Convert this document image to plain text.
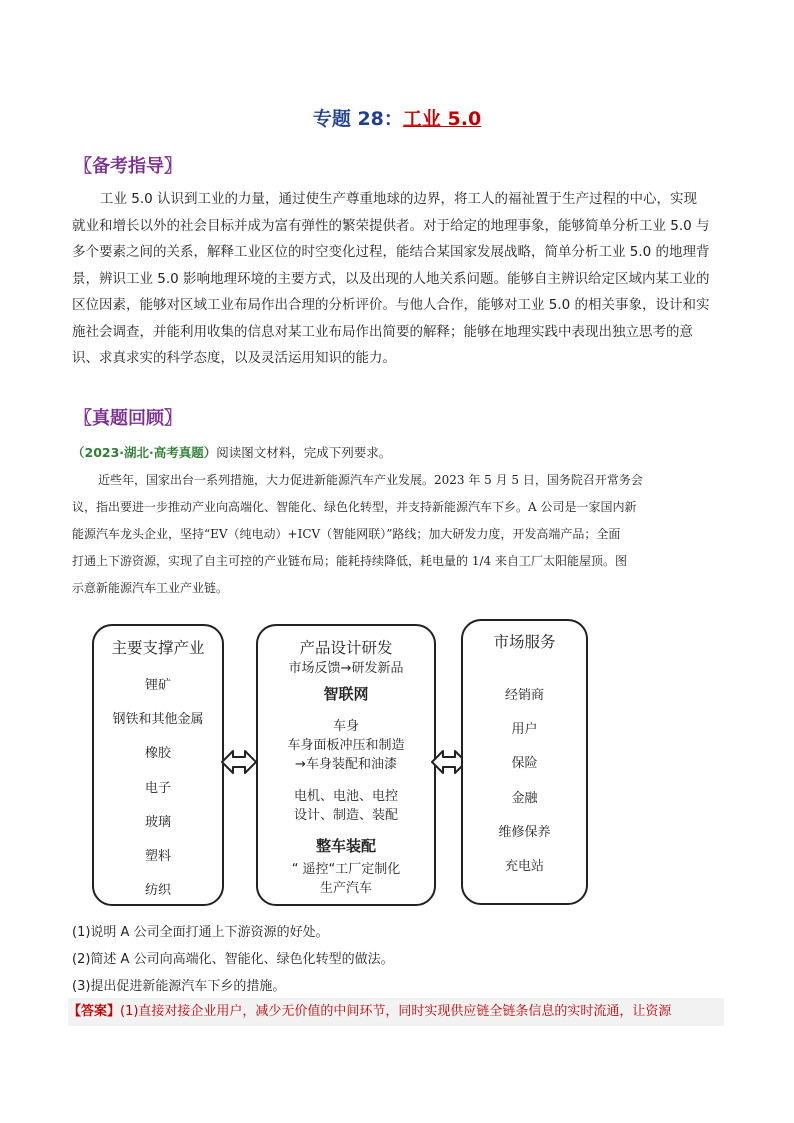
专题 28：工业 5.0
〖备考指导〗
工业 5.0 认识到工业的力量，通过使生产尊重地球的边界，将工人的福祉置于生产过程的中心，实现
就业和增长以外的社会目标并成为富有弹性的繁荣提供者。对于给定的地理事象，能够简单分析工业 5.0 与
多个要素之间的关系，解释工业区位的时空变化过程，能结合某国家发展战略，简单分析工业 5.0 的地理背
景，辨识工业 5.0 影响地理环境的主要方式，以及出现的人地关系问题。能够自主辨识给定区域内某工业的
区位因素，能够对区域工业布局作出合理的分析评价。与他人合作，能够对工业 5.0 的相关事象，设计和实
施社会调查，并能利用收集的信息对某工业布局作出简要的解释；能够在地理实践中表现出独立思考的意
识、求真求实的科学态度，以及灵活运用知识的能力。
〖真题回顾〗
（2023·湖北·高考真题）阅读图文材料，完成下列要求。
近些年，国家出台一系列措施，大力促进新能源汽车产业发展。2023 年 5 月 5 日，国务院召开常务会
议，指出要进一步推动产业向高端化、智能化、绿色化转型，并支持新能源汽车下乡。A 公司是一家国内新
能源汽车龙头企业，坚持“EV（纯电动）+ICV（智能网联）”路线；加大研发力度，开发高端产品；全面
打通上下游资源，实现了自主可控的产业链布局；能耗持续降低，耗电量的 1/4 来自工厂太阳能屋顶。图
示意新能源汽车工业产业链。
主要支撑产业
锂矿
钢铁和其他金属
橡胶
电子
玻璃
塑料
纺织
产品设计研发
市场反馈→研发新品
智联网
车身
车身面板冲压和制造
→车身装配和油漆
电机、电池、电控
设计、制造、装配
整车装配
“ 遥控“工厂定制化
生产汽车
市场服务
经销商
用户
保险
金融
维修保养
充电站
(1)说明 A 公司全面打通上下游资源的好处。
(2)简述 A 公司向高端化、智能化、绿色化转型的做法。
(3)提出促进新能源汽车下乡的措施。
【答案】(1)直接对接企业用户，减少无价值的中间环节，同时实现供应链全链条信息的实时流通，让资源
